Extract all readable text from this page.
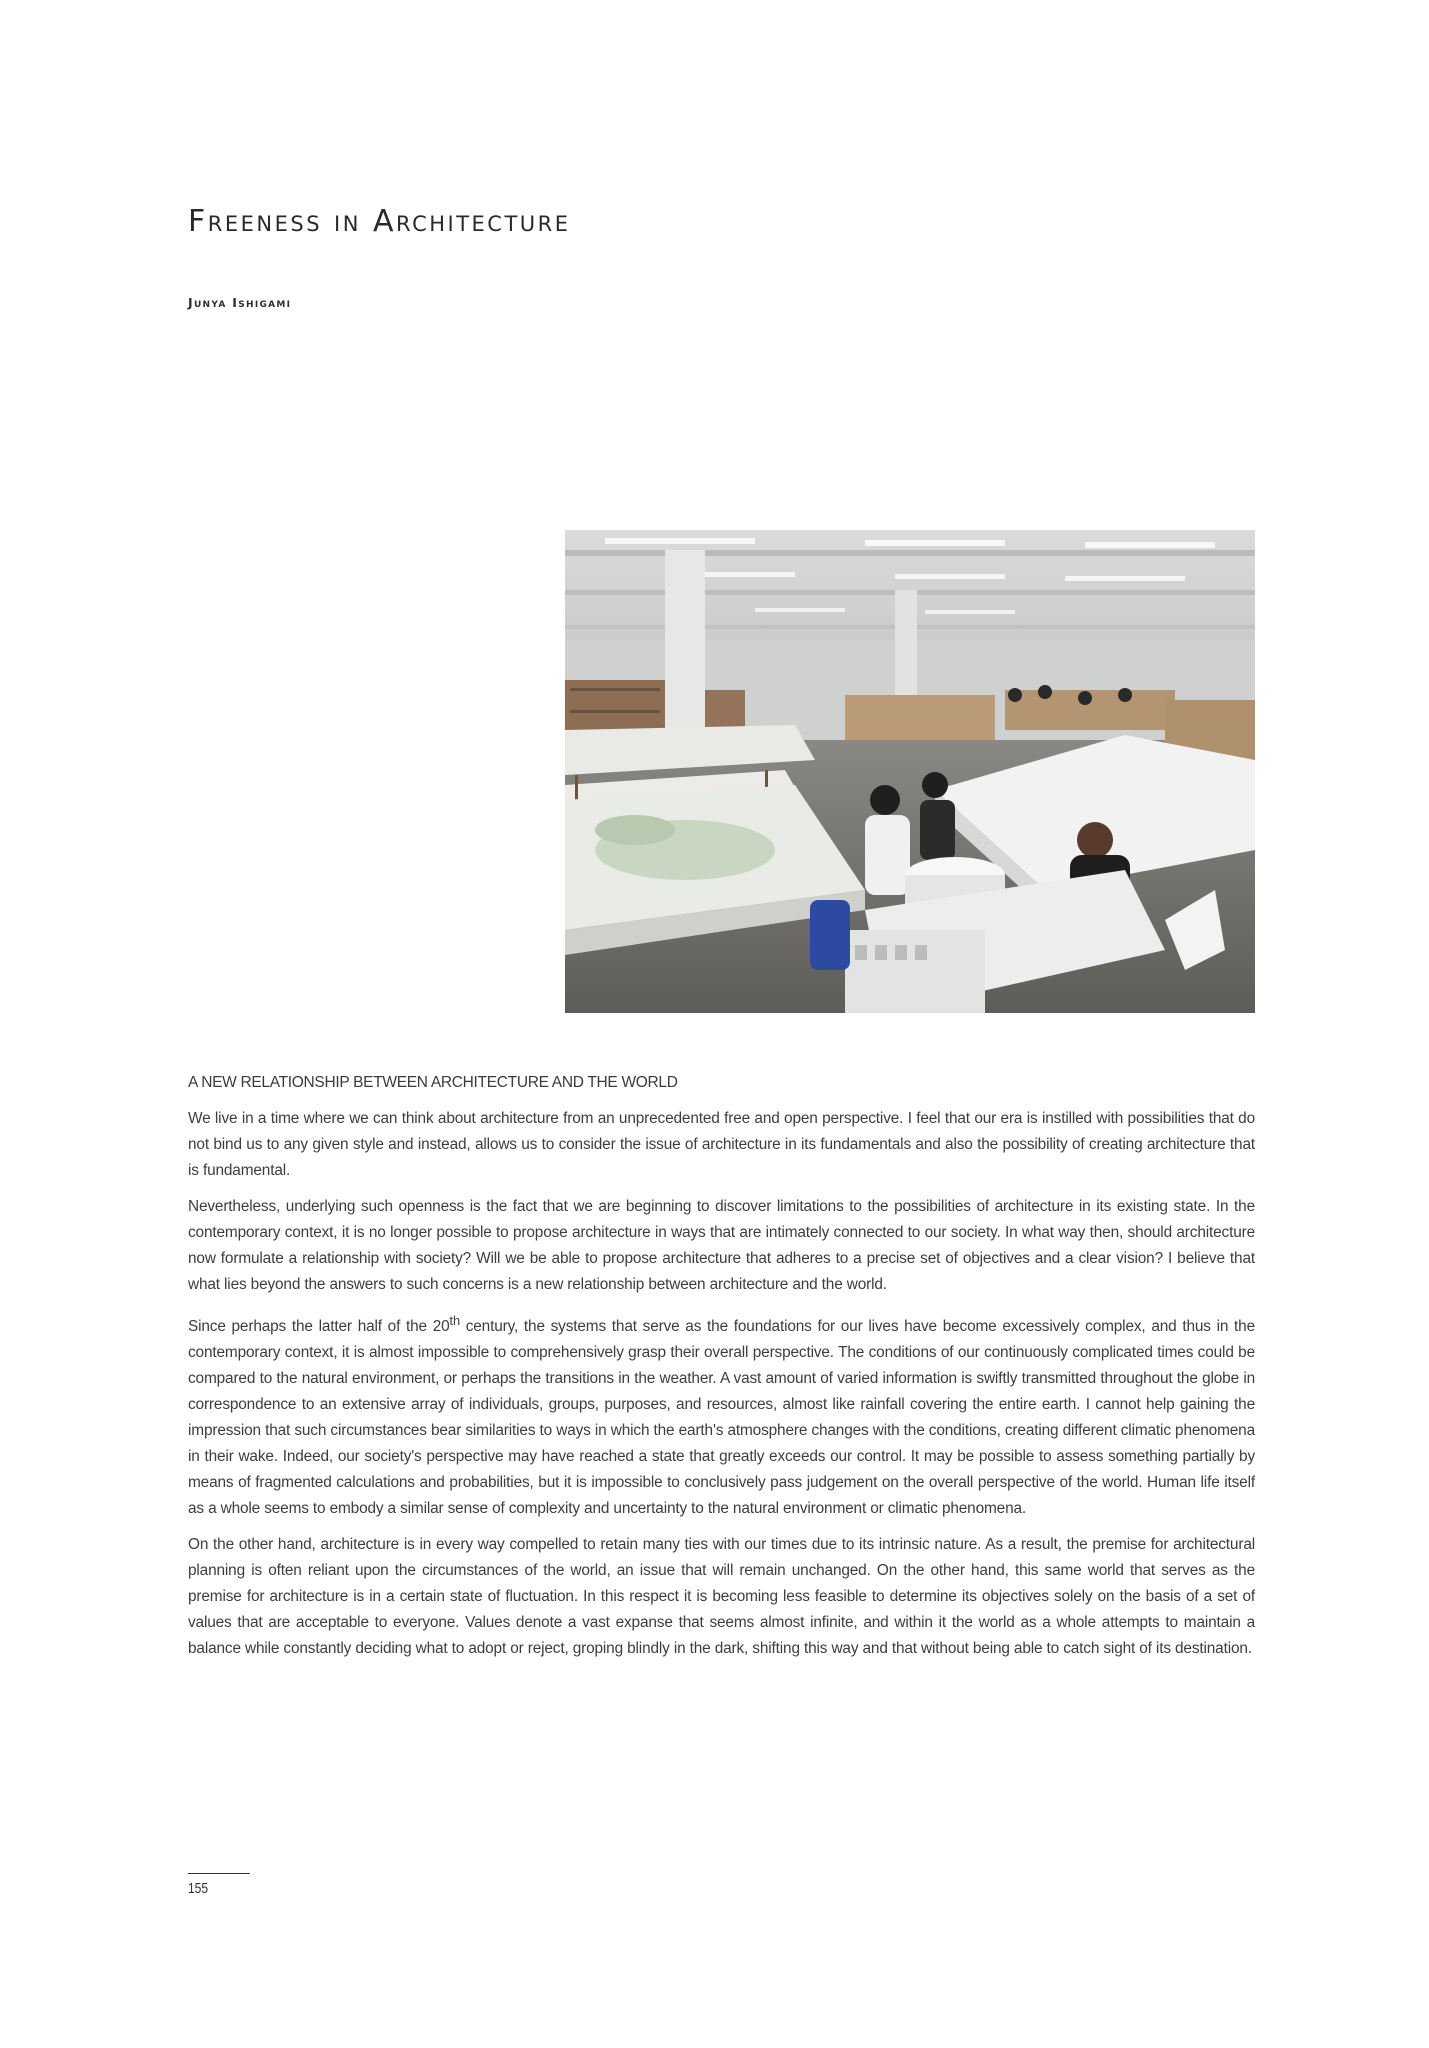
Freeness in Architecture
Junya Ishigami
A NEW RELATIONSHIP BETWEEN ARCHITECTURE AND THE WORLD

We live in a time where we can think about architecture from an unprecedented free and open perspective. I feel that our era is instilled with possibilities that do not bind us to any given style and instead, allows us to consider the issue of architecture in its fundamentals and also the possibility of creating architecture that is fundamental.

Nevertheless, underlying such openness is the fact that we are beginning to discover limitations to the possibilities of architecture in its existing state. In the contemporary context, it is no longer possible to propose architecture in ways that are intimately connected to our society. In what way then, should architecture now formulate a relationship with society? Will we be able to propose architecture that adheres to a precise set of objectives and a clear vision? I believe that what lies beyond the answers to such concerns is a new relationship between architecture and the world.

Since perhaps the latter half of the 20th century, the systems that serve as the foundations for our lives have become excessively complex, and thus in the contemporary context, it is almost impossible to comprehensively grasp their overall perspective. The conditions of our continuously complicated times could be compared to the natural environment, or perhaps the transitions in the weather. A vast amount of varied information is swiftly transmitted throughout the globe in correspondence to an extensive array of individuals, groups, purposes, and resources, almost like rainfall covering the entire earth. I cannot help gaining the impression that such circumstances bear similarities to ways in which the earth's atmosphere changes with the conditions, creating different climatic phenomena in their wake. Indeed, our society's perspective may have reached a state that greatly exceeds our control. It may be possible to assess something partially by means of fragmented calculations and probabilities, but it is impossible to conclusively pass judgement on the overall perspective of the world. Human life itself as a whole seems to embody a similar sense of complexity and uncertainty to the natural environment or climatic phenomena.

On the other hand, architecture is in every way compelled to retain many ties with our times due to its intrinsic nature. As a result, the premise for architectural planning is often reliant upon the circumstances of the world, an issue that will remain unchanged. On the other hand, this same world that serves as the premise for architecture is in a certain state of fluctuation. In this respect it is becoming less feasible to determine its objectives solely on the basis of a set of values that are acceptable to everyone. Values denote a vast expanse that seems almost infinite, and within it the world as a whole attempts to maintain a balance while constantly deciding what to adopt or reject, groping blindly in the dark, shifting this way and that without being able to catch sight of its destination.

155
